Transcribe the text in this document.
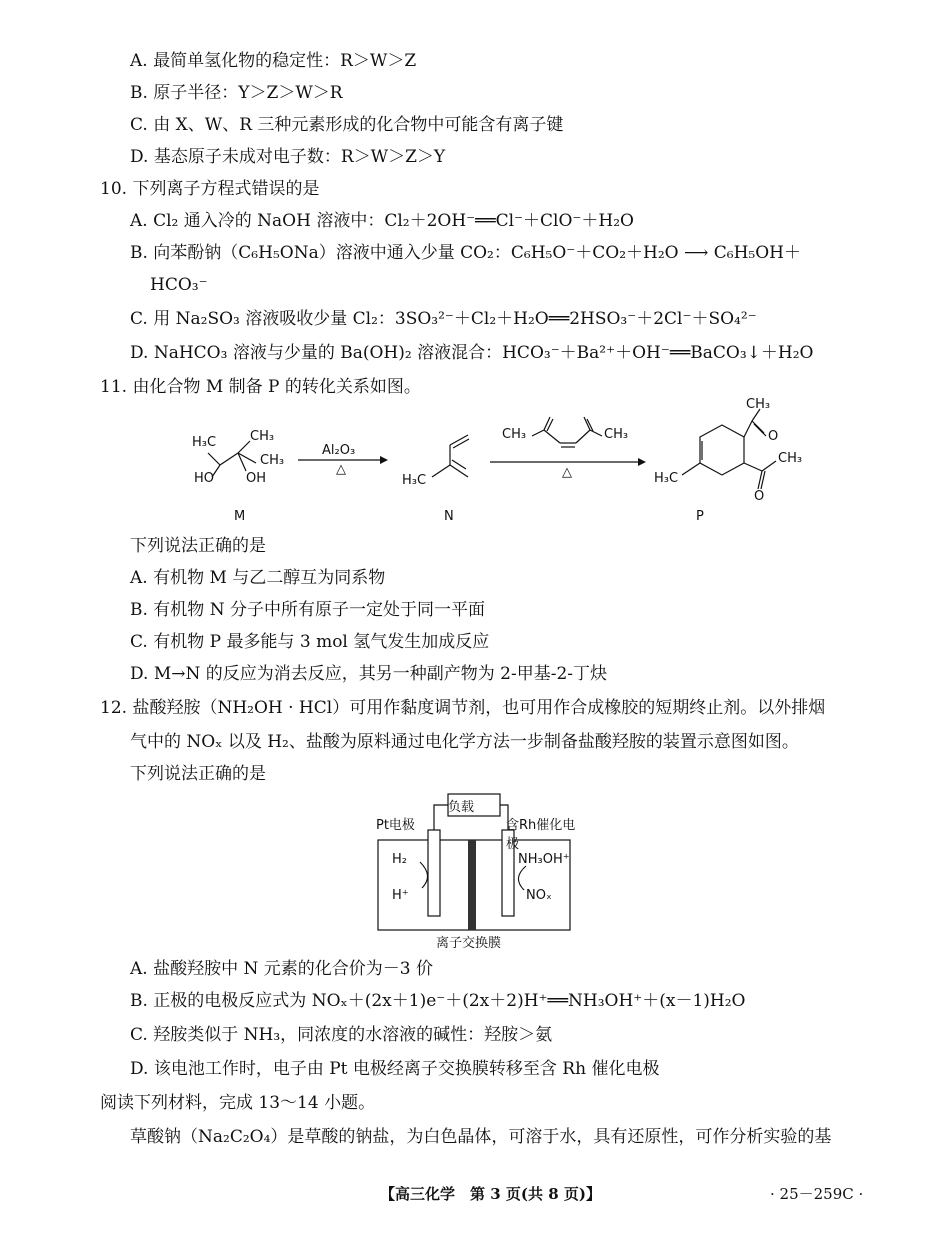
A. 最简单氢化物的稳定性：R＞W＞Z
B. 原子半径：Y＞Z＞W＞R
C. 由 X、W、R 三种元素形成的化合物中可能含有离子键
D. 基态原子未成对电子数：R＞W＞Z＞Y
10. 下列离子方程式错误的是
A. Cl₂ 通入冷的 NaOH 溶液中：Cl₂＋2OH⁻══Cl⁻＋ClO⁻＋H₂O
B. 向苯酚钠（C₆H₅ONa）溶液中通入少量 CO₂：C₆H₅O⁻＋CO₂＋H₂O ⟶ C₆H₅OH＋
HCO₃⁻
C. 用 Na₂SO₃ 溶液吸收少量 Cl₂：3SO₃²⁻＋Cl₂＋H₂O══2HSO₃⁻＋2Cl⁻＋SO₄²⁻
D. NaHCO₃ 溶液与少量的 Ba(OH)₂ 溶液混合：HCO₃⁻＋Ba²⁺＋OH⁻══BaCO₃↓＋H₂O
11. 由化合物 M 制备 P 的转化关系如图。
H₃C	CH₃
CH₃
HO OH
Al₂O₃
△
H₃C
CH₃	CH₃
△	H₃C
CH₃
O
CH₃
O
M	N	P
下列说法正确的是
A. 有机物 M 与乙二醇互为同系物
B. 有机物 N 分子中所有原子一定处于同一平面
C. 有机物 P 最多能与 3 mol 氢气发生加成反应
D. M→N 的反应为消去反应，其另一种副产物为 2-甲基-2-丁炔
12. 盐酸羟胺（NH₂OH · HCl）可用作黏度调节剂，也可用作合成橡胶的短期终止剂。以外排烟
气中的 NOₓ 以及 H₂、盐酸为原料通过电化学方法一步制备盐酸羟胺的装置示意图如图。
下列说法正确的是
负载
Pt电极	含Rh催化电极
H₂
H⁺
NH₃OH⁺
NOₓ
离子交换膜
A. 盐酸羟胺中 N 元素的化合价为－3 价
B. 正极的电极反应式为 NOₓ＋(2x＋1)e⁻＋(2x＋2)H⁺══NH₃OH⁺＋(x－1)H₂O
C. 羟胺类似于 NH₃，同浓度的水溶液的碱性：羟胺＞氨
D. 该电池工作时，电子由 Pt 电极经离子交换膜转移至含 Rh 催化电极
阅读下列材料，完成 13～14 小题。
草酸钠（Na₂C₂O₄）是草酸的钠盐，为白色晶体，可溶于水，具有还原性，可作分析实验的基
【高三化学　第 3 页(共 8 页)】	· 25－259C ·
